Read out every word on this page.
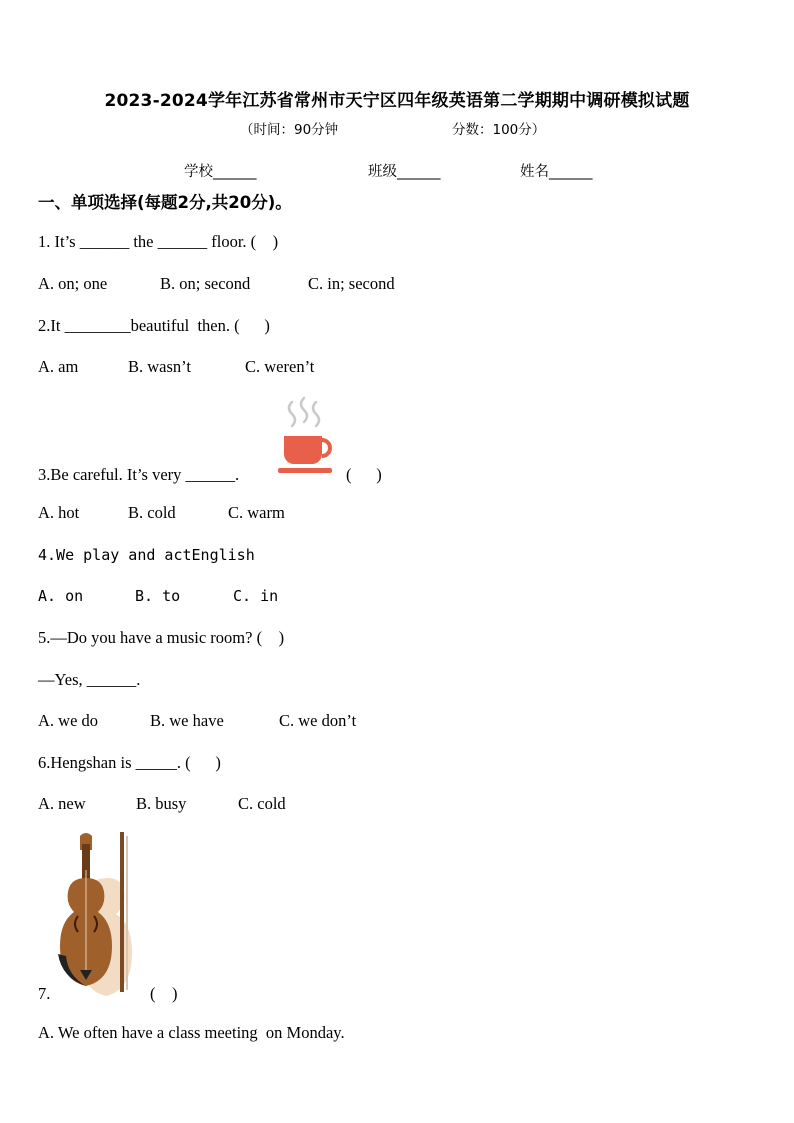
2023-2024学年江苏省常州市天宁区四年级英语第二学期期中调研模拟试题
（时间：90分钟	分数：100分）
学校______	班级______	姓名______
一、单项选择(每题2分,共20分)。
1. It’s ______ the ______ floor. (    )
A. on; one	B. on; second	C. in; second
2.It ________beautiful  then. (      )
A. am	B. wasn’t	C. weren’t
3.Be careful. It’s very ______.	(      )
A. hot	B. cold	C. warm
4.We play and actEnglish
A. on	B. to	C. in
5.—Do you have a music room? (    )
—Yes, ______.
A. we do	B. we have	C. we don’t
6.Hengshan is _____. (      )
A. new	B. busy	C. cold
7.	(    )
A. We often have a class meeting  on Monday.
